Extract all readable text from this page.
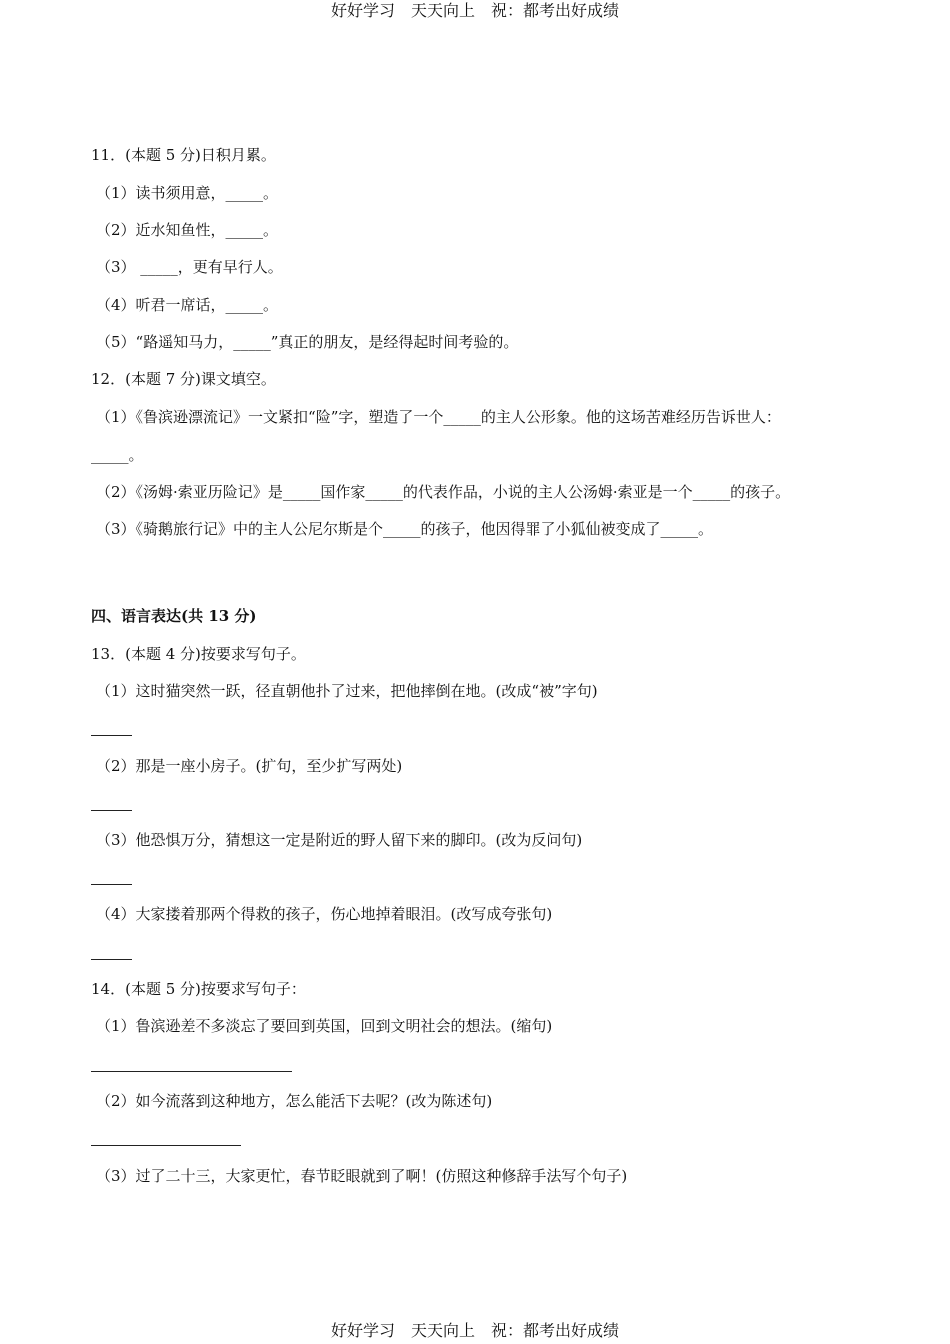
好好学习　天天向上　祝：都考出好成绩
11．(本题 5 分)日积月累。
（1）读书须用意，_____。
（2）近水知鱼性，_____。
（3） _____，更有早行人。
（4）听君一席话，_____。
（5）“路遥知马力，_____”真正的朋友，是经得起时间考验的。
12．(本题 7 分)课文填空。
（1）《鲁滨逊漂流记》一文紧扣“险”字，塑造了一个_____的主人公形象。他的这场苦难经历告诉世人：
_____。
（2）《汤姆·索亚历险记》是_____国作家_____的代表作品，小说的主人公汤姆·索亚是一个_____的孩子。
（3）《骑鹅旅行记》中的主人公尼尔斯是个_____的孩子，他因得罪了小狐仙被变成了_____。
四、语言表达(共 13 分)
13．(本题 4 分)按要求写句子。
（1）这时猫突然一跃，径直朝他扑了过来，把他摔倒在地。(改成“被”字句)
（2）那是一座小房子。(扩句，至少扩写两处)
（3）他恐惧万分，猜想这一定是附近的野人留下来的脚印。(改为反问句)
（4）大家搂着那两个得救的孩子，伤心地掉着眼泪。(改写成夸张句)
14．(本题 5 分)按要求写句子：
（1）鲁滨逊差不多淡忘了要回到英国，回到文明社会的想法。(缩句)
（2）如今流落到这种地方，怎么能活下去呢？(改为陈述句)
（3）过了二十三，大家更忙，春节眨眼就到了啊！(仿照这种修辞手法写个句子)
好好学习　天天向上　祝：都考出好成绩
